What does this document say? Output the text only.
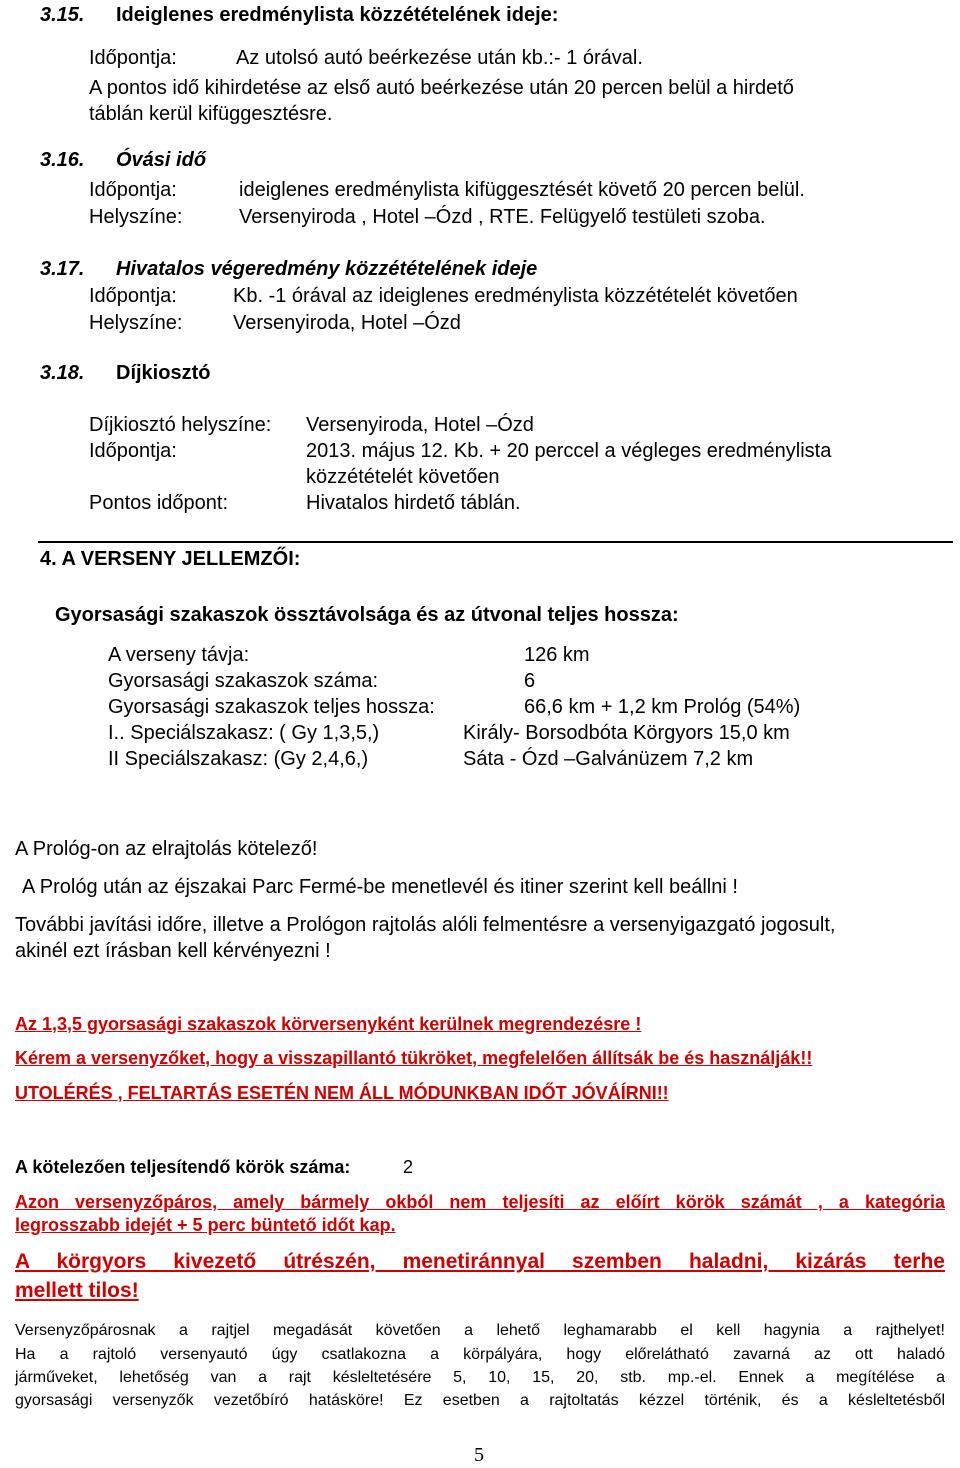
3.15. Ideiglenes eredménylista közzétételének ideje:
Időpontja:	Az utolsó autó beérkezése után kb.:- 1 órával.
A pontos idő kihirdetése az első autó beérkezése után 20 percen belül a hirdető
táblán kerül kifüggesztésre.
3.16. Óvási idő
Időpontja:	ideiglenes eredménylista kifüggesztését követő 20 percen belül.
Helyszíne:	Versenyiroda , Hotel –Ózd , RTE. Felügyelő testületi szoba.
3.17. Hivatalos végeredmény közzétételének ideje
Időpontja:	Kb. -1 órával az ideiglenes eredménylista közzétételét követően
Helyszíne:	Versenyiroda, Hotel –Ózd
3.18. Díjkiosztó
Díjkiosztó helyszíne: Versenyiroda, Hotel –Ózd
Időpontja:	2013. május 12. Kb. + 20 perccel a végleges eredménylista
közzétételét követően
Pontos időpont:	Hivatalos hirdető táblán.
4. A VERSENY JELLEMZŐI:
Gyorsasági szakaszok össztávolsága és az útvonal teljes hossza:
A verseny távja:	126 km
Gyorsasági szakaszok száma:	6
Gyorsasági szakaszok teljes hossza:	66,6 km + 1,2 km Prológ (54%)
I.. Speciálszakasz: ( Gy 1,3,5,)	Király- Borsodbóta Körgyors 15,0 km
II Speciálszakasz: (Gy 2,4,6,)	Sáta - Ózd –Galvánüzem 7,2 km
A Prológ-on az elrajtolás kötelező!
A Prológ után az éjszakai Parc Fermé-be menetlevél és itiner szerint kell beállni !
További javítási időre, illetve a Prológon rajtolás alóli felmentésre a versenyigazgató jogosult,
akinél ezt írásban kell kérvényezni !
Az 1,3,5 gyorsasági szakaszok körversenyként kerülnek megrendezésre !
Kérem a versenyzőket, hogy a visszapillantó tükröket, megfelelően állítsák be és használják!!
UTOLÉRÉS , FELTARTÁS ESETÉN NEM ÁLL MÓDUNKBAN IDŐT JÓVÁÍRNI!!
A kötelezően teljesítendő körök száma:	2
Azon versenyzőpáros, amely bármely okból nem teljesíti az előírt körök számát , a kategória
legrosszabb idejét + 5 perc büntető időt kap.
A körgyors kivezető útrészén, menetiránnyal szemben haladni, kizárás terhe
mellett tilos!
Versenyzőpárosnak a rajtjel megadását követően a lehető leghamarabb el kell hagynia a rajthelyet!
Ha a rajtoló versenyautó úgy csatlakozna a körpályára, hogy előrelátható zavarná az ott haladó
járműveket, lehetőség van a rajt késleltetésére 5, 10, 15, 20, stb. mp.-el. Ennek a megítélése a
gyorsasági versenyzők vezetőbíró hatásköre! Ez esetben a rajtoltatás kézzel történik, és a késleltetésből
5
